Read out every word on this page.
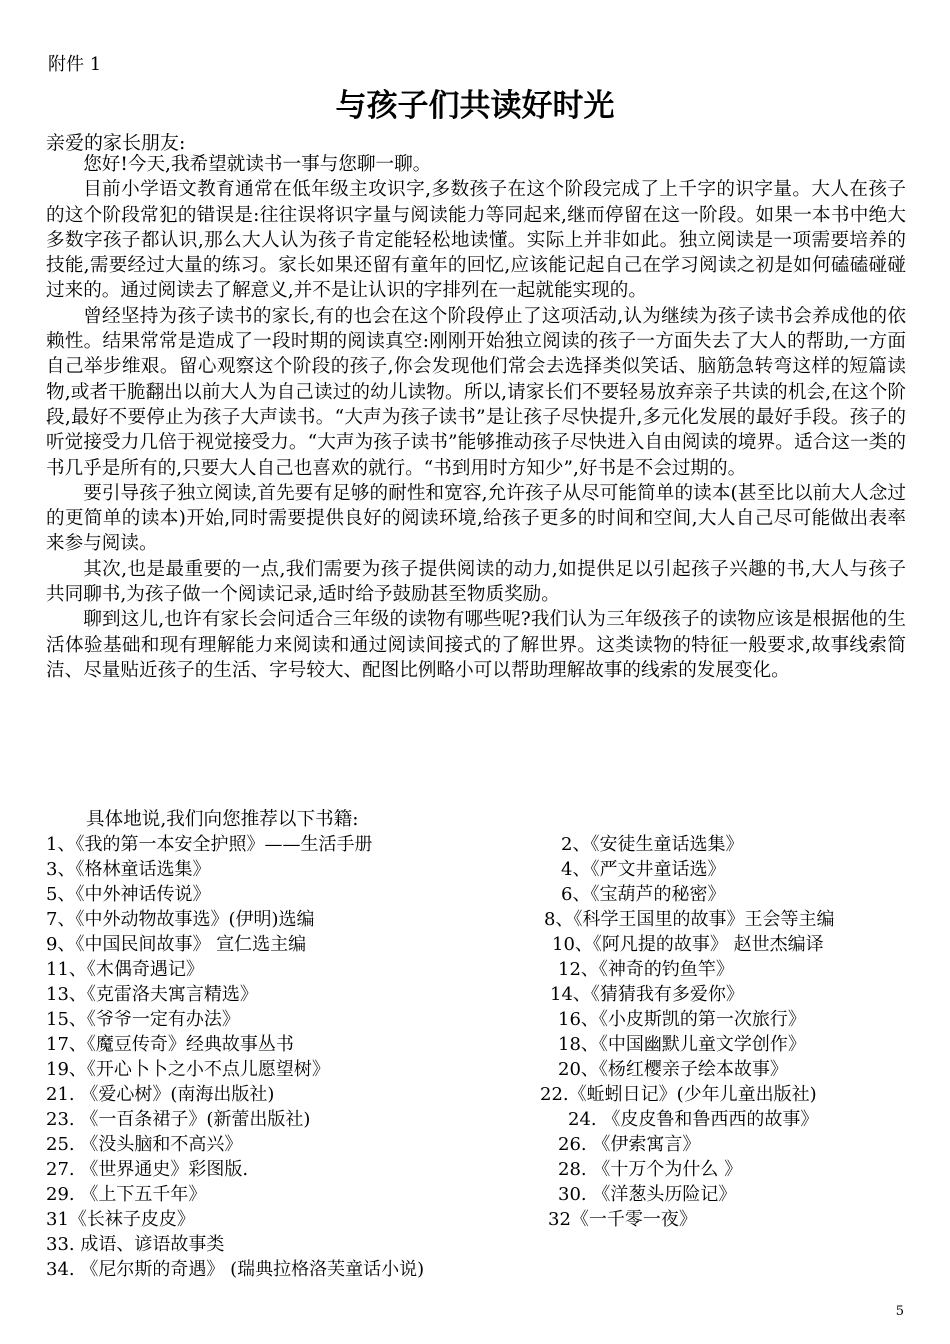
附件 1
与孩子们共读好时光
亲爱的家长朋友:

您好!今天,我希望就读书一事与您聊一聊。

目前小学语文教育通常在低年级主攻识字,多数孩子在这个阶段完成了上千字的识字量。大人在孩子的这个阶段常犯的错误是:往往误将识字量与阅读能力等同起来,继而停留在这一阶段。如果一本书中绝大多数字孩子都认识,那么大人认为孩子肯定能轻松地读懂。实际上并非如此。独立阅读是一项需要培养的技能,需要经过大量的练习。家长如果还留有童年的回忆,应该能记起自己在学习阅读之初是如何磕磕碰碰过来的。通过阅读去了解意义,并不是让认识的字排列在一起就能实现的。

曾经坚持为孩子读书的家长,有的也会在这个阶段停止了这项活动,认为继续为孩子读书会养成他的依赖性。结果常常是造成了一段时期的阅读真空:刚刚开始独立阅读的孩子一方面失去了大人的帮助,一方面自己举步维艰。留心观察这个阶段的孩子,你会发现他们常会去选择类似笑话、脑筋急转弯这样的短篇读物,或者干脆翻出以前大人为自己读过的幼儿读物。所以,请家长们不要轻易放弃亲子共读的机会,在这个阶段,最好不要停止为孩子大声读书。“大声为孩子读书”是让孩子尽快提升,多元化发展的最好手段。孩子的听觉接受力几倍于视觉接受力。“大声为孩子读书”能够推动孩子尽快进入自由阅读的境界。适合这一类的书几乎是所有的,只要大人自己也喜欢的就行。“书到用时方知少”,好书是不会过期的。

要引导孩子独立阅读,首先要有足够的耐性和宽容,允许孩子从尽可能简单的读本(甚至比以前大人念过的更简单的读本)开始,同时需要提供良好的阅读环境,给孩子更多的时间和空间,大人自己尽可能做出表率来参与阅读。

其次,也是最重要的一点,我们需要为孩子提供阅读的动力,如提供足以引起孩子兴趣的书,大人与孩子共同聊书,为孩子做一个阅读记录,适时给予鼓励甚至物质奖励。

聊到这儿,也许有家长会问适合三年级的读物有哪些呢?我们认为三年级孩子的读物应该是根据他的生活体验基础和现有理解能力来阅读和通过阅读间接式的了解世界。这类读物的特征一般要求,故事线索简洁、尽量贴近孩子的生活、字号较大、配图比例略小可以帮助理解故事的线索的发展变化。

具体地说,我们向您推荐以下书籍:
1、《我的第一本安全护照》——生活手册	2、《安徒生童话选集》
3、《格林童话选集》	4、《严文井童话选》
5、《中外神话传说》	6、《宝葫芦的秘密》
7、《中外动物故事选》(伊明)选编	8、《科学王国里的故事》王会等主编
9、《中国民间故事》 宣仁选主编	10、《阿凡提的故事》 赵世杰编译
11、《木偶奇遇记》	12、《神奇的钓鱼竿》
13、《克雷洛夫寓言精选》	14、《猜猜我有多爱你》
15、《爷爷一定有办法》	16、《小皮斯凯的第一次旅行》
17、《魔豆传奇》经典故事丛书	18、《中国幽默儿童文学创作》
19、《开心卜卜之小不点儿愿望树》	20、《杨红樱亲子绘本故事》
21. 《爱心树》(南海出版社)	22.《蚯蚓日记》(少年儿童出版社)
23. 《一百条裙子》(新蕾出版社)	24. 《皮皮鲁和鲁西西的故事》
25. 《没头脑和不高兴》	26. 《伊索寓言》
27. 《世界通史》彩图版.	28. 《十万个为什么 》
29. 《上下五千年》	30. 《洋葱头历险记》
31《长袜子皮皮》	32《一千零一夜》
33. 成语、谚语故事类
34. 《尼尔斯的奇遇》 (瑞典拉格洛芙童话小说)
5
